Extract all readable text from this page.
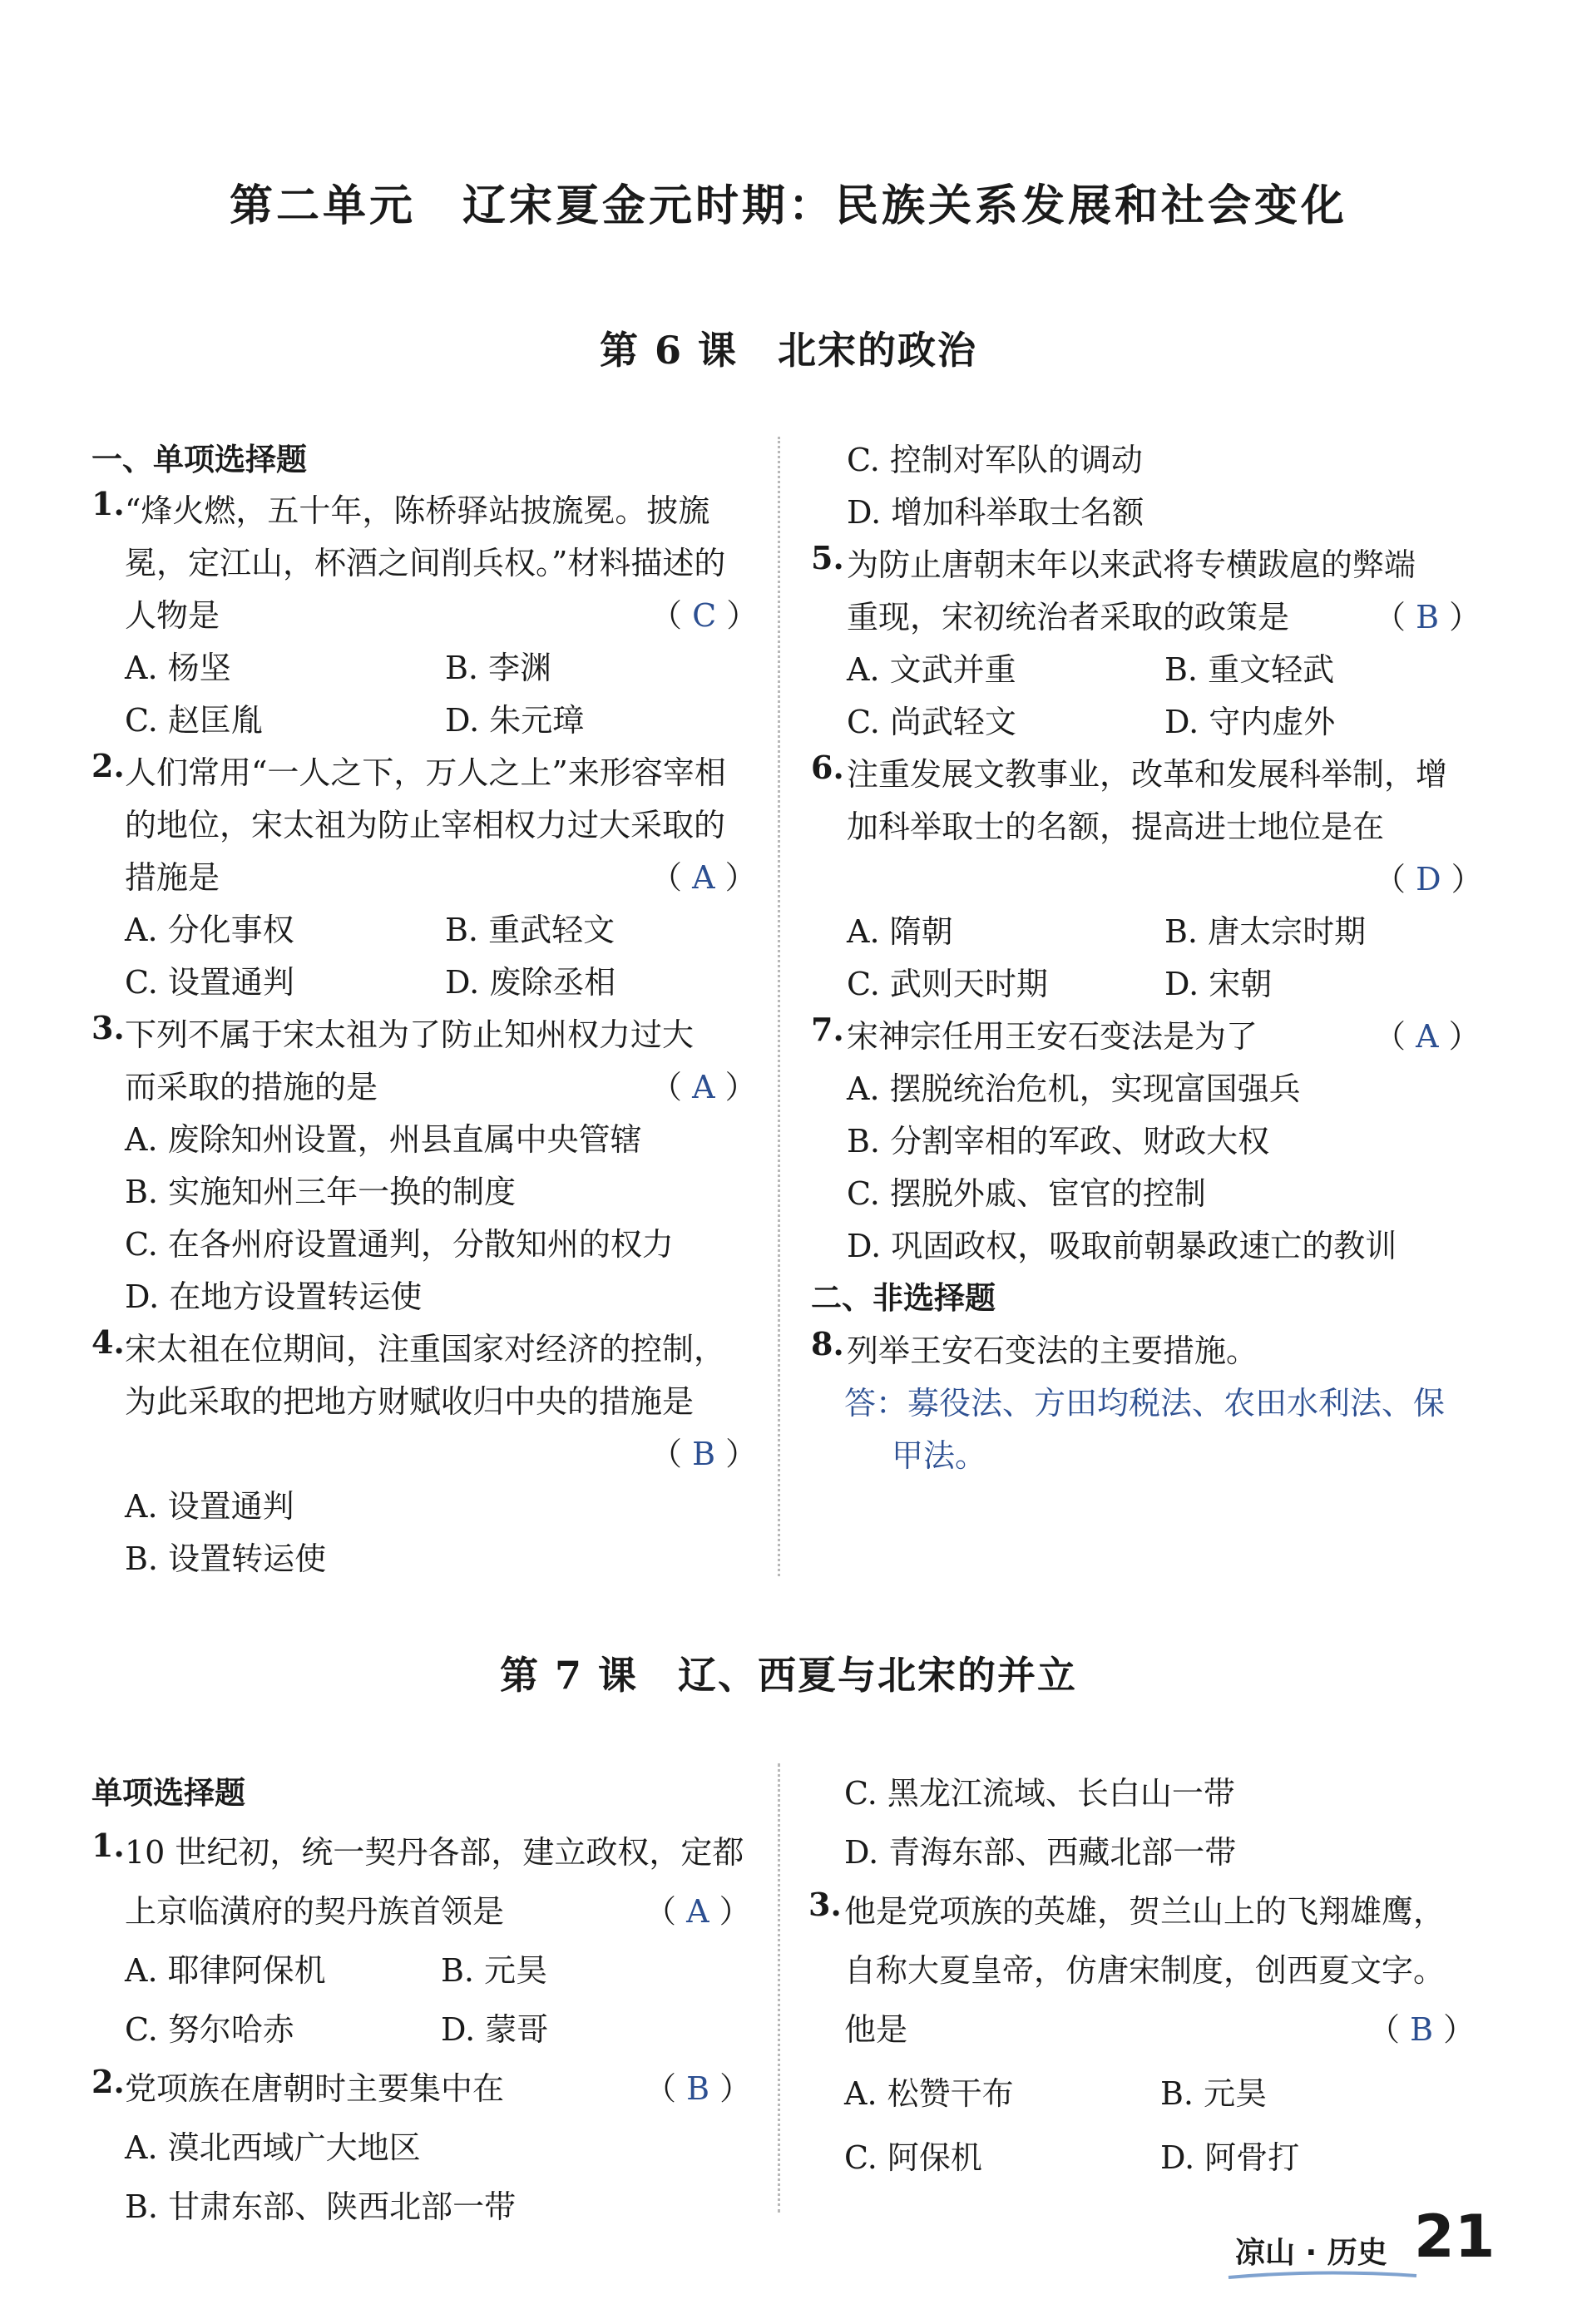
第二单元　辽宋夏金元时期：民族关系发展和社会变化
第 6 课　北宋的政治
一、单项选择题
1. “烽火燃，五十年，陈桥驿站披旒冕。披旒
冕，定江山，杯酒之间削兵权。”材料描述的
人物是	（ C ）
A. 杨坚	B. 李渊
C. 赵匡胤	D. 朱元璋
2. 人们常用“一人之下，万人之上”来形容宰相
的地位，宋太祖为防止宰相权力过大采取的
措施是	（ A ）
A. 分化事权	B. 重武轻文
C. 设置通判	D. 废除丞相
3. 下列不属于宋太祖为了防止知州权力过大
而采取的措施的是	（ A ）
A. 废除知州设置，州县直属中央管辖
B. 实施知州三年一换的制度
C. 在各州府设置通判，分散知州的权力
D. 在地方设置转运使
4. 宋太祖在位期间，注重国家对经济的控制，
为此采取的把地方财赋收归中央的措施是
（ B ）
A. 设置通判
B. 设置转运使
C. 控制对军队的调动
D. 增加科举取士名额
5. 为防止唐朝末年以来武将专横跋扈的弊端
重现，宋初统治者采取的政策是	（ B ）
A. 文武并重	B. 重文轻武
C. 尚武轻文	D. 守内虚外
6. 注重发展文教事业，改革和发展科举制，增
加科举取士的名额，提高进士地位是在
（ D ）
A. 隋朝	B. 唐太宗时期
C. 武则天时期	D. 宋朝
7. 宋神宗任用王安石变法是为了	（ A ）
A. 摆脱统治危机，实现富国强兵
B. 分割宰相的军政、财政大权
C. 摆脱外戚、宦官的控制
D. 巩固政权，吸取前朝暴政速亡的教训
二、非选择题
8. 列举王安石变法的主要措施。
答：募役法、方田均税法、农田水利法、保
甲法。
第 7 课　辽、西夏与北宋的并立
单项选择题
1. 10 世纪初，统一契丹各部，建立政权，定都
上京临潢府的契丹族首领是	（ A ）
A. 耶律阿保机	B. 元昊
C. 努尔哈赤	D. 蒙哥
2. 党项族在唐朝时主要集中在	（ B ）
A. 漠北西域广大地区
B. 甘肃东部、陕西北部一带
C. 黑龙江流域、长白山一带
D. 青海东部、西藏北部一带
3. 他是党项族的英雄，贺兰山上的飞翔雄鹰，
自称大夏皇帝，仿唐宋制度，创西夏文字。
他是	（ B ）
A. 松赞干布	B. 元昊
C. 阿保机	D. 阿骨打
凉山 · 历史 21
